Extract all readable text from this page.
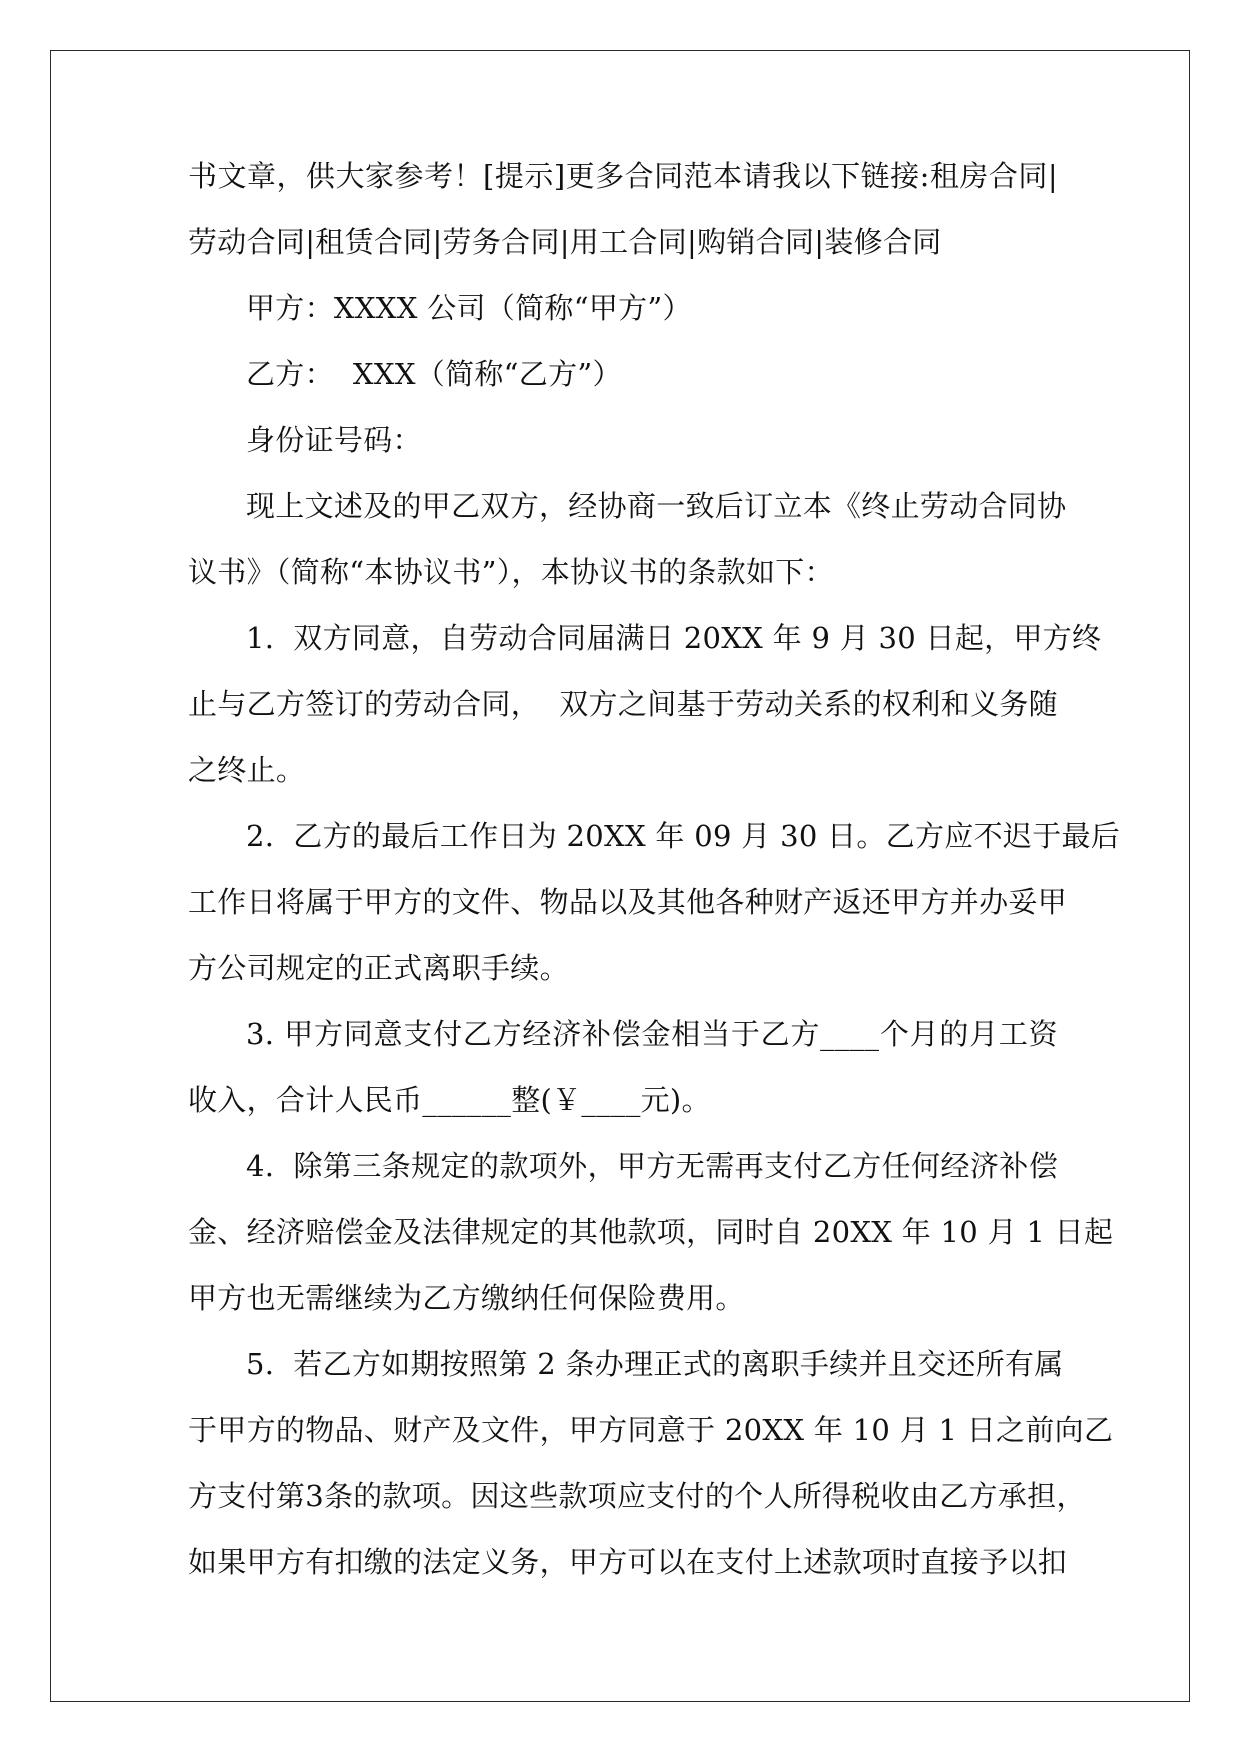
书文章，供大家参考！[提示]更多合同范本请我以下链接:租房合同|
劳动合同|租赁合同|劳务合同|用工合同|购销合同|装修合同
甲方：XXXX 公司（简称“甲方”）
乙方：  XXX（简称“乙方”）
身份证号码：
现上文述及的甲乙双方，经协商一致后订立本《终止劳动合同协
议书》（简称“本协议书”），本协议书的条款如下：
1.  双方同意，自劳动合同届满日 20XX 年 9 月 30 日起，甲方终
止与乙方签订的劳动合同，  双方之间基于劳动关系的权利和义务随
之终止。
2.  乙方的最后工作日为 20XX 年 09 月 30 日。乙方应不迟于最后
工作日将属于甲方的文件、物品以及其他各种财产返还甲方并办妥甲
方公司规定的正式离职手续。
3. 甲方同意支付乙方经济补偿金相当于乙方____个月的月工资
收入，合计人民币______整(￥____元)。
4.  除第三条规定的款项外，甲方无需再支付乙方任何经济补偿
金、经济赔偿金及法律规定的其他款项，同时自 20XX 年 10 月 1 日起
甲方也无需继续为乙方缴纳任何保险费用。
5.  若乙方如期按照第 2 条办理正式的离职手续并且交还所有属
于甲方的物品、财产及文件，甲方同意于 20XX 年 10 月 1 日之前向乙
方支付第3条的款项。因这些款项应支付的个人所得税收由乙方承担，
如果甲方有扣缴的法定义务，甲方可以在支付上述款项时直接予以扣
